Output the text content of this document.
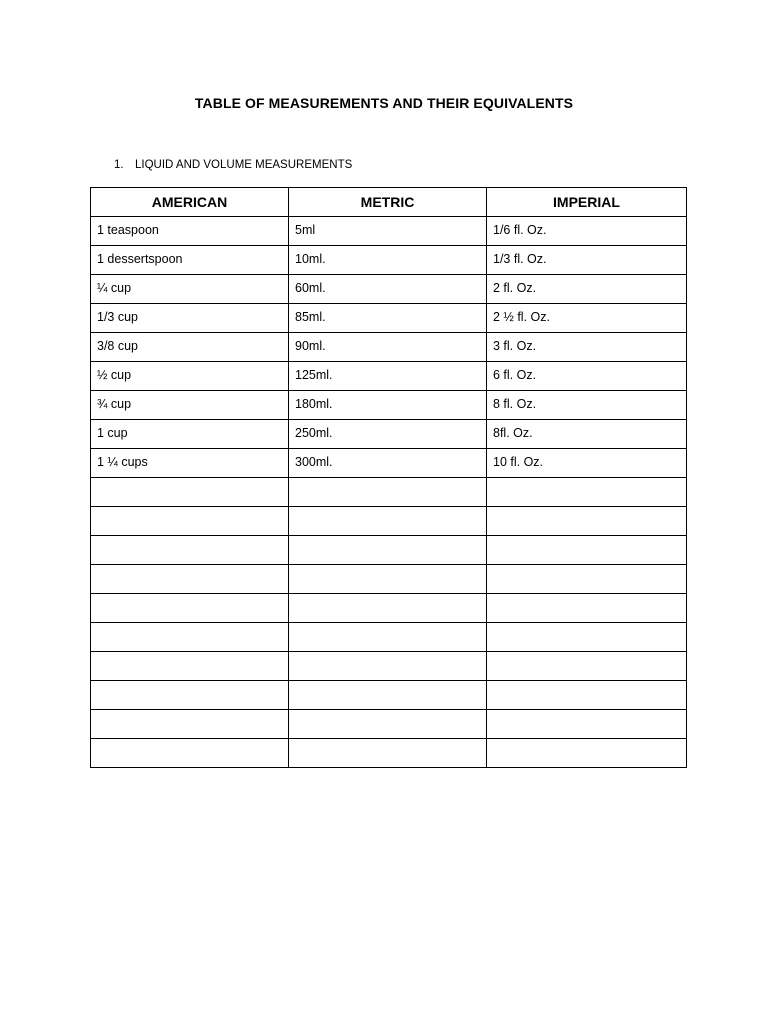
TABLE OF MEASUREMENTS AND THEIR EQUIVALENTS
1. LIQUID AND VOLUME MEASUREMENTS
AMERICAN	METRIC	IMPERIAL
1 teaspoon	5ml	1/6 fl. Oz.
1 dessertspoon	10ml.	1/3 fl. Oz.
¼ cup	60ml.	2 fl. Oz.
1/3 cup	85ml.	2 ½ fl. Oz.
3/8 cup	90ml.	3 fl. Oz.
½ cup	125ml.	6 fl. Oz.
¾ cup	180ml.	8 fl. Oz.
1 cup	250ml.	8fl. Oz.
1 ¼ cups	300ml.	10 fl. Oz.
